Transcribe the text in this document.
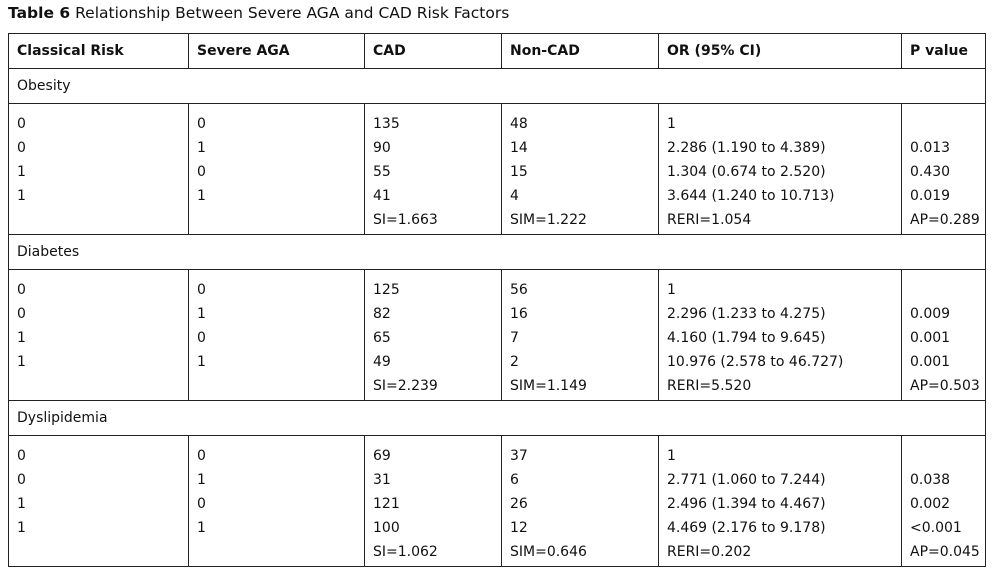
Table 6 Relationship Between Severe AGA and CAD Risk Factors
Classical Risk	Severe AGA	CAD	Non-CAD	OR (95% CI)	P value
Obesity					
0	0	135	48	1	
0	1	90	14	2.286 (1.190 to 4.389)	0.013
1	0	55	15	1.304 (0.674 to 2.520)	0.430
1	1	41	4	3.644 (1.240 to 10.713)	0.019
		SI=1.663	SIM=1.222	RERI=1.054	AP=0.289
Diabetes					
0	0	125	56	1	
0	1	82	16	2.296 (1.233 to 4.275)	0.009
1	0	65	7	4.160 (1.794 to 9.645)	0.001
1	1	49	2	10.976 (2.578 to 46.727)	0.001
		SI=2.239	SIM=1.149	RERI=5.520	AP=0.503
Dyslipidemia					
0	0	69	37	1	
0	1	31	6	2.771 (1.060 to 7.244)	0.038
1	0	121	26	2.496 (1.394 to 4.467)	0.002
1	1	100	12	4.469 (2.176 to 9.178)	<0.001
		SI=1.062	SIM=0.646	RERI=0.202	AP=0.045
